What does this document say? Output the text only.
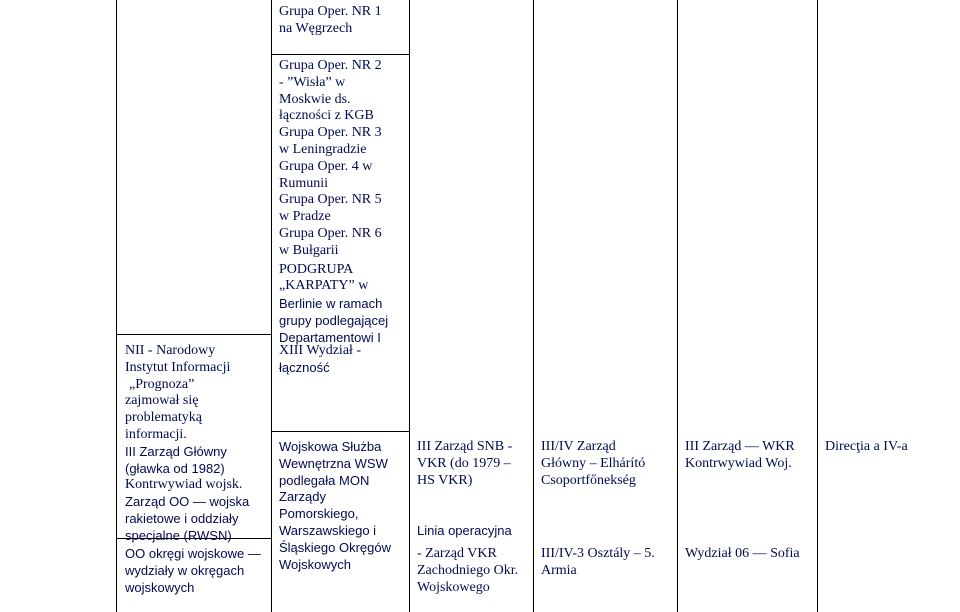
Grupa Oper. NR 1
na Węgrzech
Grupa Oper. NR 2
- ”Wisła” w
Moskwie ds.
łączności z KGB
Grupa Oper. NR 3
w Leningradzie
Grupa Oper. 4 w
Rumunii
Grupa Oper. NR 5
w Pradze
Grupa Oper. NR 6
w Bułgarii
PODGRUPA
„KARPATY” w
Berlinie w ramach
grupy podlegającej
Departamentowi I
XIII Wydział -
łączność
Wojskowa Służba
Wewnętrzna WSW
podlegała MON
Zarządy
Pomorskiego,
Warszawskiego i
Śląskiego Okręgów
Wojskowych
NII - Narodowy
Instytut Informacji
„Prognoza”
zajmował się
problematyką
informacji.
III Zarząd Główny
(gławka od 1982)
Kontrwywiad wojsk.
Zarząd OO — wojska
rakietowe i oddziały
specjalne (RWSN)
OO okręgi wojskowe —
wydziały w okręgach
wojskowych
III Zarząd SNB -
VKR (do 1979 –
HS VKR)
Linia operacyjna
- Zarząd VKR
Zachodniego Okr.
Wojskowego
III/IV Zarząd
Główny – Elhárító
Csoportfőnekség
III/IV-3 Osztály – 5.
Armia
III Zarząd — WKR
Kontrwywiad Woj.
Wydział 06 — Sofia
Direcţia a IV-a
